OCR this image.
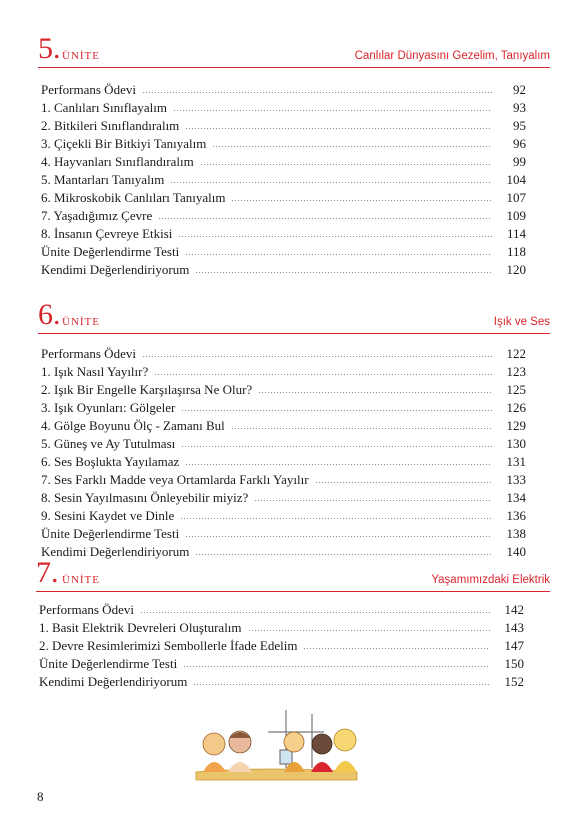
5. ÜNİTE	Canlılar Dünyasını Gezelim, Tanıyalım
Performans Ödevi	92
1. Canlıları Sınıflayalım	93
2. Bitkileri Sınıflandıralım	95
3. Çiçekli Bir Bitkiyi Tanıyalım	96
4. Hayvanları Sınıflandıralım	99
5. Mantarları Tanıyalım	104
6. Mikroskobik Canlıları Tanıyalım	107
7. Yaşadığımız Çevre	109
8. İnsanın Çevreye Etkisi	114
Ünite Değerlendirme Testi	118
Kendimi Değerlendiriyorum	120
6. ÜNİTE	Işık ve Ses
Performans Ödevi	122
1. Işık Nasıl Yayılır?	123
2. Işık Bir Engelle Karşılaşırsa Ne Olur?	125
3. Işık Oyunları: Gölgeler	126
4. Gölge Boyunu Ölç - Zamanı Bul	129
5. Güneş ve Ay Tutulması	130
6. Ses Boşlukta Yayılamaz	131
7. Ses Farklı Madde veya Ortamlarda Farklı Yayılır	133
8. Sesin Yayılmasını Önleyebilir miyiz?	134
9. Sesini Kaydet ve Dinle	136
Ünite Değerlendirme Testi	138
Kendimi Değerlendiriyorum	140
7. ÜNİTE	Yaşamımızdaki Elektrik
Performans Ödevi	142
1. Basit Elektrik Devreleri Oluşturalım	143
2. Devre Resimlerimizi Sembollerle İfade Edelim	147
Ünite Değerlendirme Testi	150
Kendimi Değerlendiriyorum	152
8
